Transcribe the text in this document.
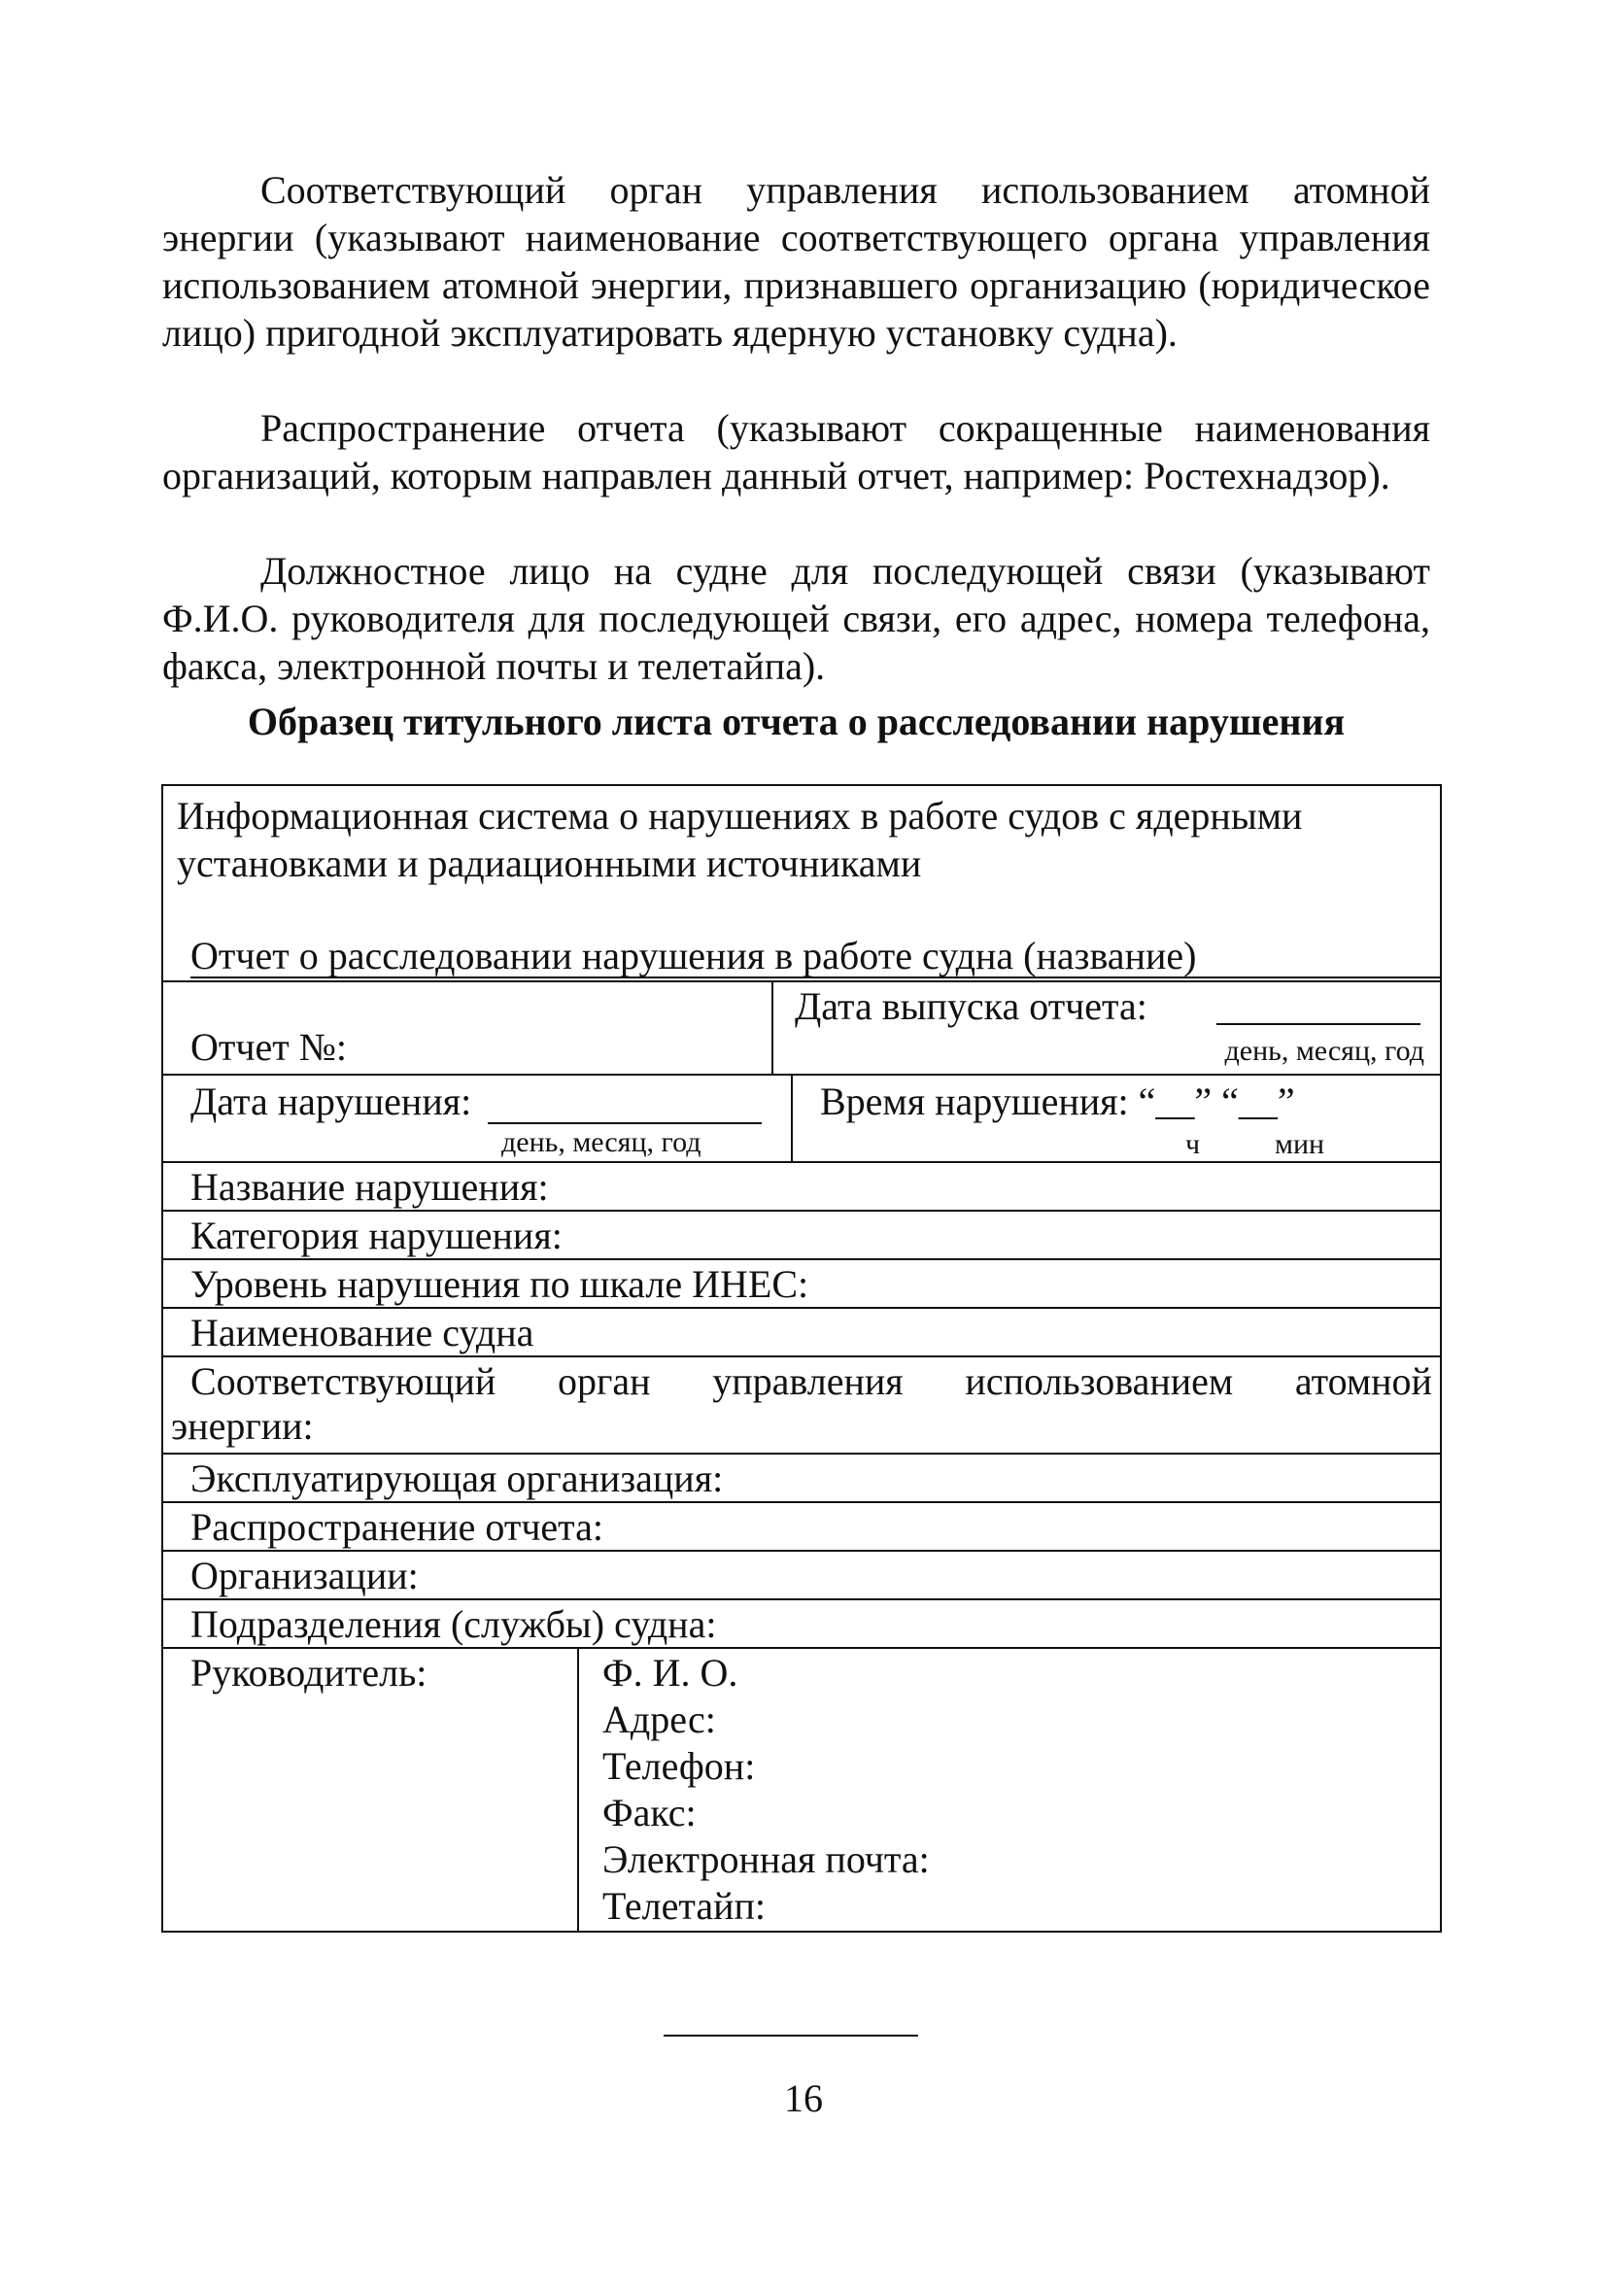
Соответствующий орган управления использованием атомной энергии (указывают наименование соответствующего органа управления использованием атомной энергии, признавшего организацию (юридическое лицо) пригодной эксплуатировать ядерную установку судна).

Распространение отчета (указывают сокращенные наименования организаций, которым направлен данный отчет, например: Ростехнадзор).

Должностное лицо на судне для последующей связи (указывают Ф.И.О. руководителя для последующей связи, его адрес, номера телефона, факса, электронной почты и телетайпа).

Образец титульного листа отчета о расследовании нарушения

Информационная система о нарушениях в работе судов с ядерными
установками и радиационными источниками
Отчет о расследовании нарушения в работе судна (название)
Отчет №:
Дата выпуска отчета:
день, месяц, год
Дата нарушения:
день, месяц, год
Время нарушения: “__” “__”
ч	мин
Название нарушения:
Категория нарушения:
Уровень нарушения по шкале ИНЕС:
Наименование судна
Соответствующий орган управления использованием атомной
энергии:
Эксплуатирующая организация:
Распространение отчета:
Организации:
Подразделения (службы) судна:
Руководитель:	Ф. И. О.
Адрес:
Телефон:
Факс:
Электронная почта:
Телетайп:
16
